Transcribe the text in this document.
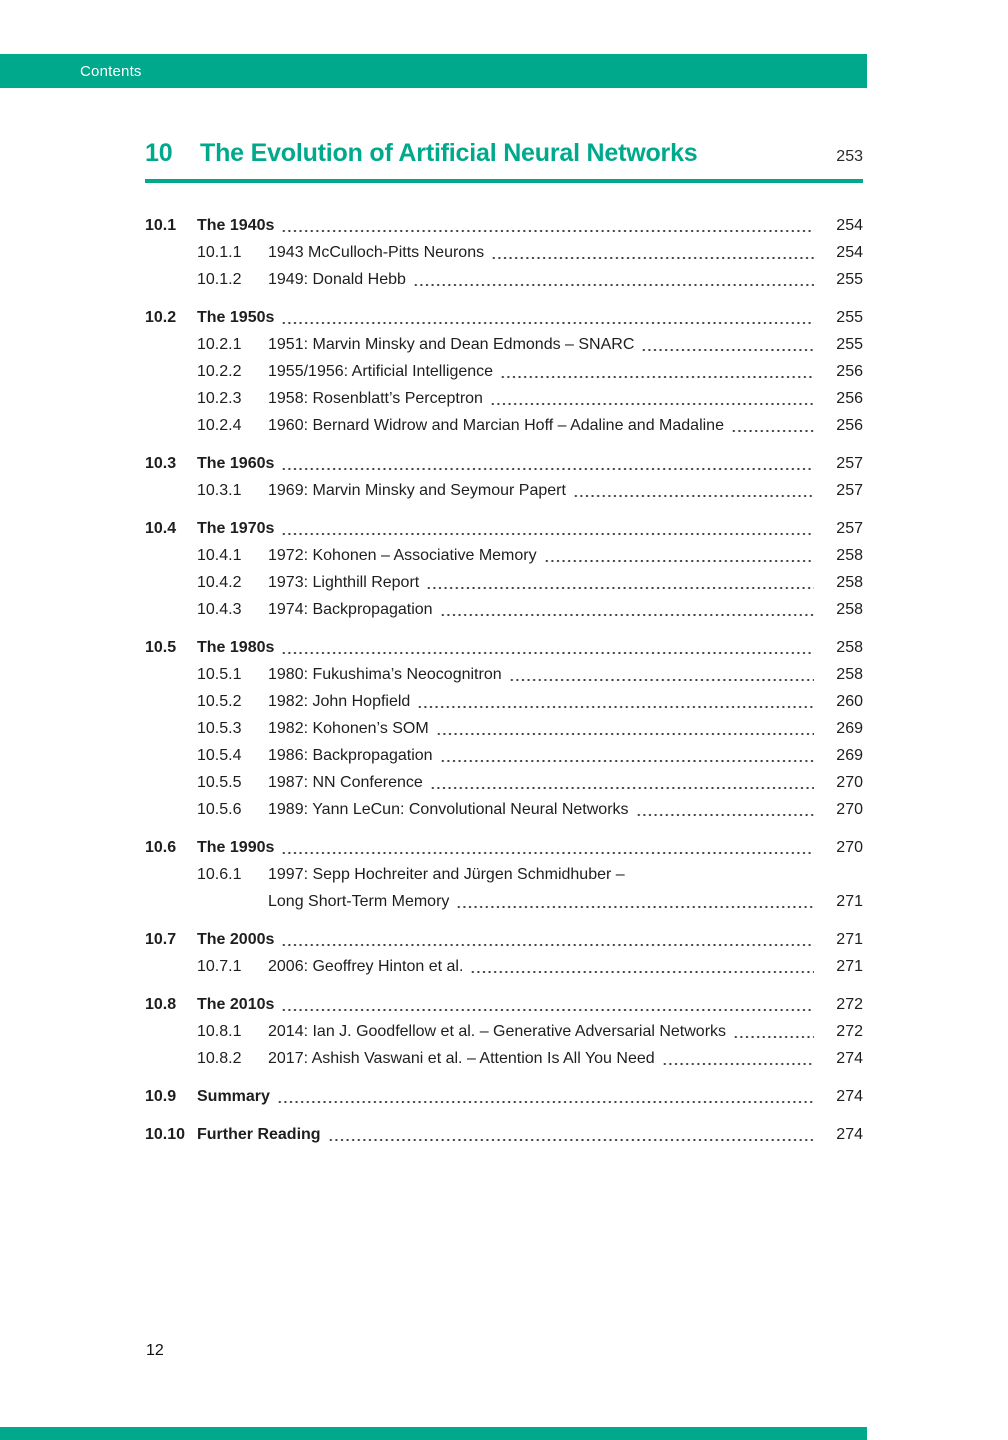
Contents
10	The Evolution of Artificial Neural Networks	253
10.1	The 1940s	254
10.1.1	1943 McCulloch-Pitts Neurons	254
10.1.2	1949: Donald Hebb	255
10.2	The 1950s	255
10.2.1	1951: Marvin Minsky and Dean Edmonds – SNARC	255
10.2.2	1955/1956: Artificial Intelligence	256
10.2.3	1958: Rosenblatt’s Perceptron	256
10.2.4	1960: Bernard Widrow and Marcian Hoff – Adaline and Madaline	256
10.3	The 1960s	257
10.3.1	1969: Marvin Minsky and Seymour Papert	257
10.4	The 1970s	257
10.4.1	1972: Kohonen – Associative Memory	258
10.4.2	1973: Lighthill Report	258
10.4.3	1974: Backpropagation	258
10.5	The 1980s	258
10.5.1	1980: Fukushima’s Neocognitron	258
10.5.2	1982: John Hopfield	260
10.5.3	1982: Kohonen’s SOM	269
10.5.4	1986: Backpropagation	269
10.5.5	1987: NN Conference	270
10.5.6	1989: Yann LeCun: Convolutional Neural Networks	270
10.6	The 1990s	270
10.6.1	1997: Sepp Hochreiter and Jürgen Schmidhuber –
Long Short-Term Memory	271
10.7	The 2000s	271
10.7.1	2006: Geoffrey Hinton et al.	271
10.8	The 2010s	272
10.8.1	2014: Ian J. Goodfellow et al. – Generative Adversarial Networks	272
10.8.2	2017: Ashish Vaswani et al. – Attention Is All You Need	274
10.9	Summary	274
10.10 Further Reading	274
12
